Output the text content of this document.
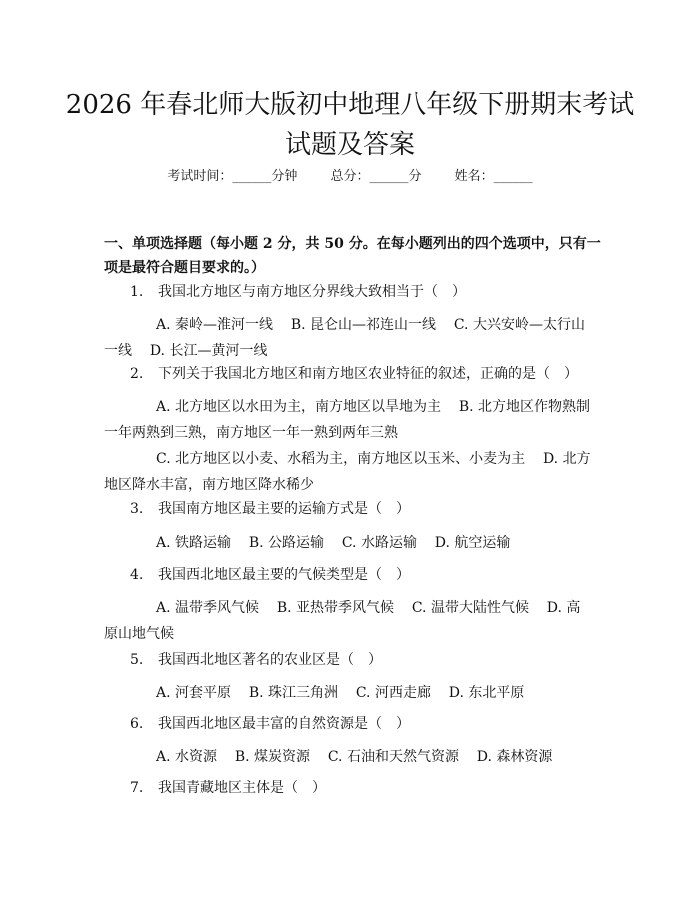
2026 年春北师大版初中地理八年级下册期末考试试题及答案
考试时间：______分钟	总分：______分	姓名：______
一、单项选择题（每小题 2 分，共 50 分。在每小题列出的四个选项中，只有一项是最符合题目要求的。）
1. 我国北方地区与南方地区分界线大致相当于（　）
A. 秦岭—淮河一线 B. 昆仑山—祁连山一线 C. 大兴安岭—太行山一线 D. 长江—黄河一线
2. 下列关于我国北方地区和南方地区农业特征的叙述，正确的是（　）
A. 北方地区以水田为主，南方地区以旱地为主 B. 北方地区作物熟制一年两熟到三熟，南方地区一年一熟到两年三熟
C. 北方地区以小麦、水稻为主，南方地区以玉米、小麦为主 D. 北方地区降水丰富，南方地区降水稀少
3. 我国南方地区最主要的运输方式是（　）
A. 铁路运输 B. 公路运输 C. 水路运输 D. 航空运输
4. 我国西北地区最主要的气候类型是（　）
A. 温带季风气候 B. 亚热带季风气候 C. 温带大陆性气候 D. 高原山地气候
5. 我国西北地区著名的农业区是（　）
A. 河套平原 B. 珠江三角洲 C. 河西走廊 D. 东北平原
6. 我国西北地区最丰富的自然资源是（　）
A. 水资源 B. 煤炭资源 C. 石油和天然气资源 D. 森林资源
7. 我国青藏地区主体是（　）
